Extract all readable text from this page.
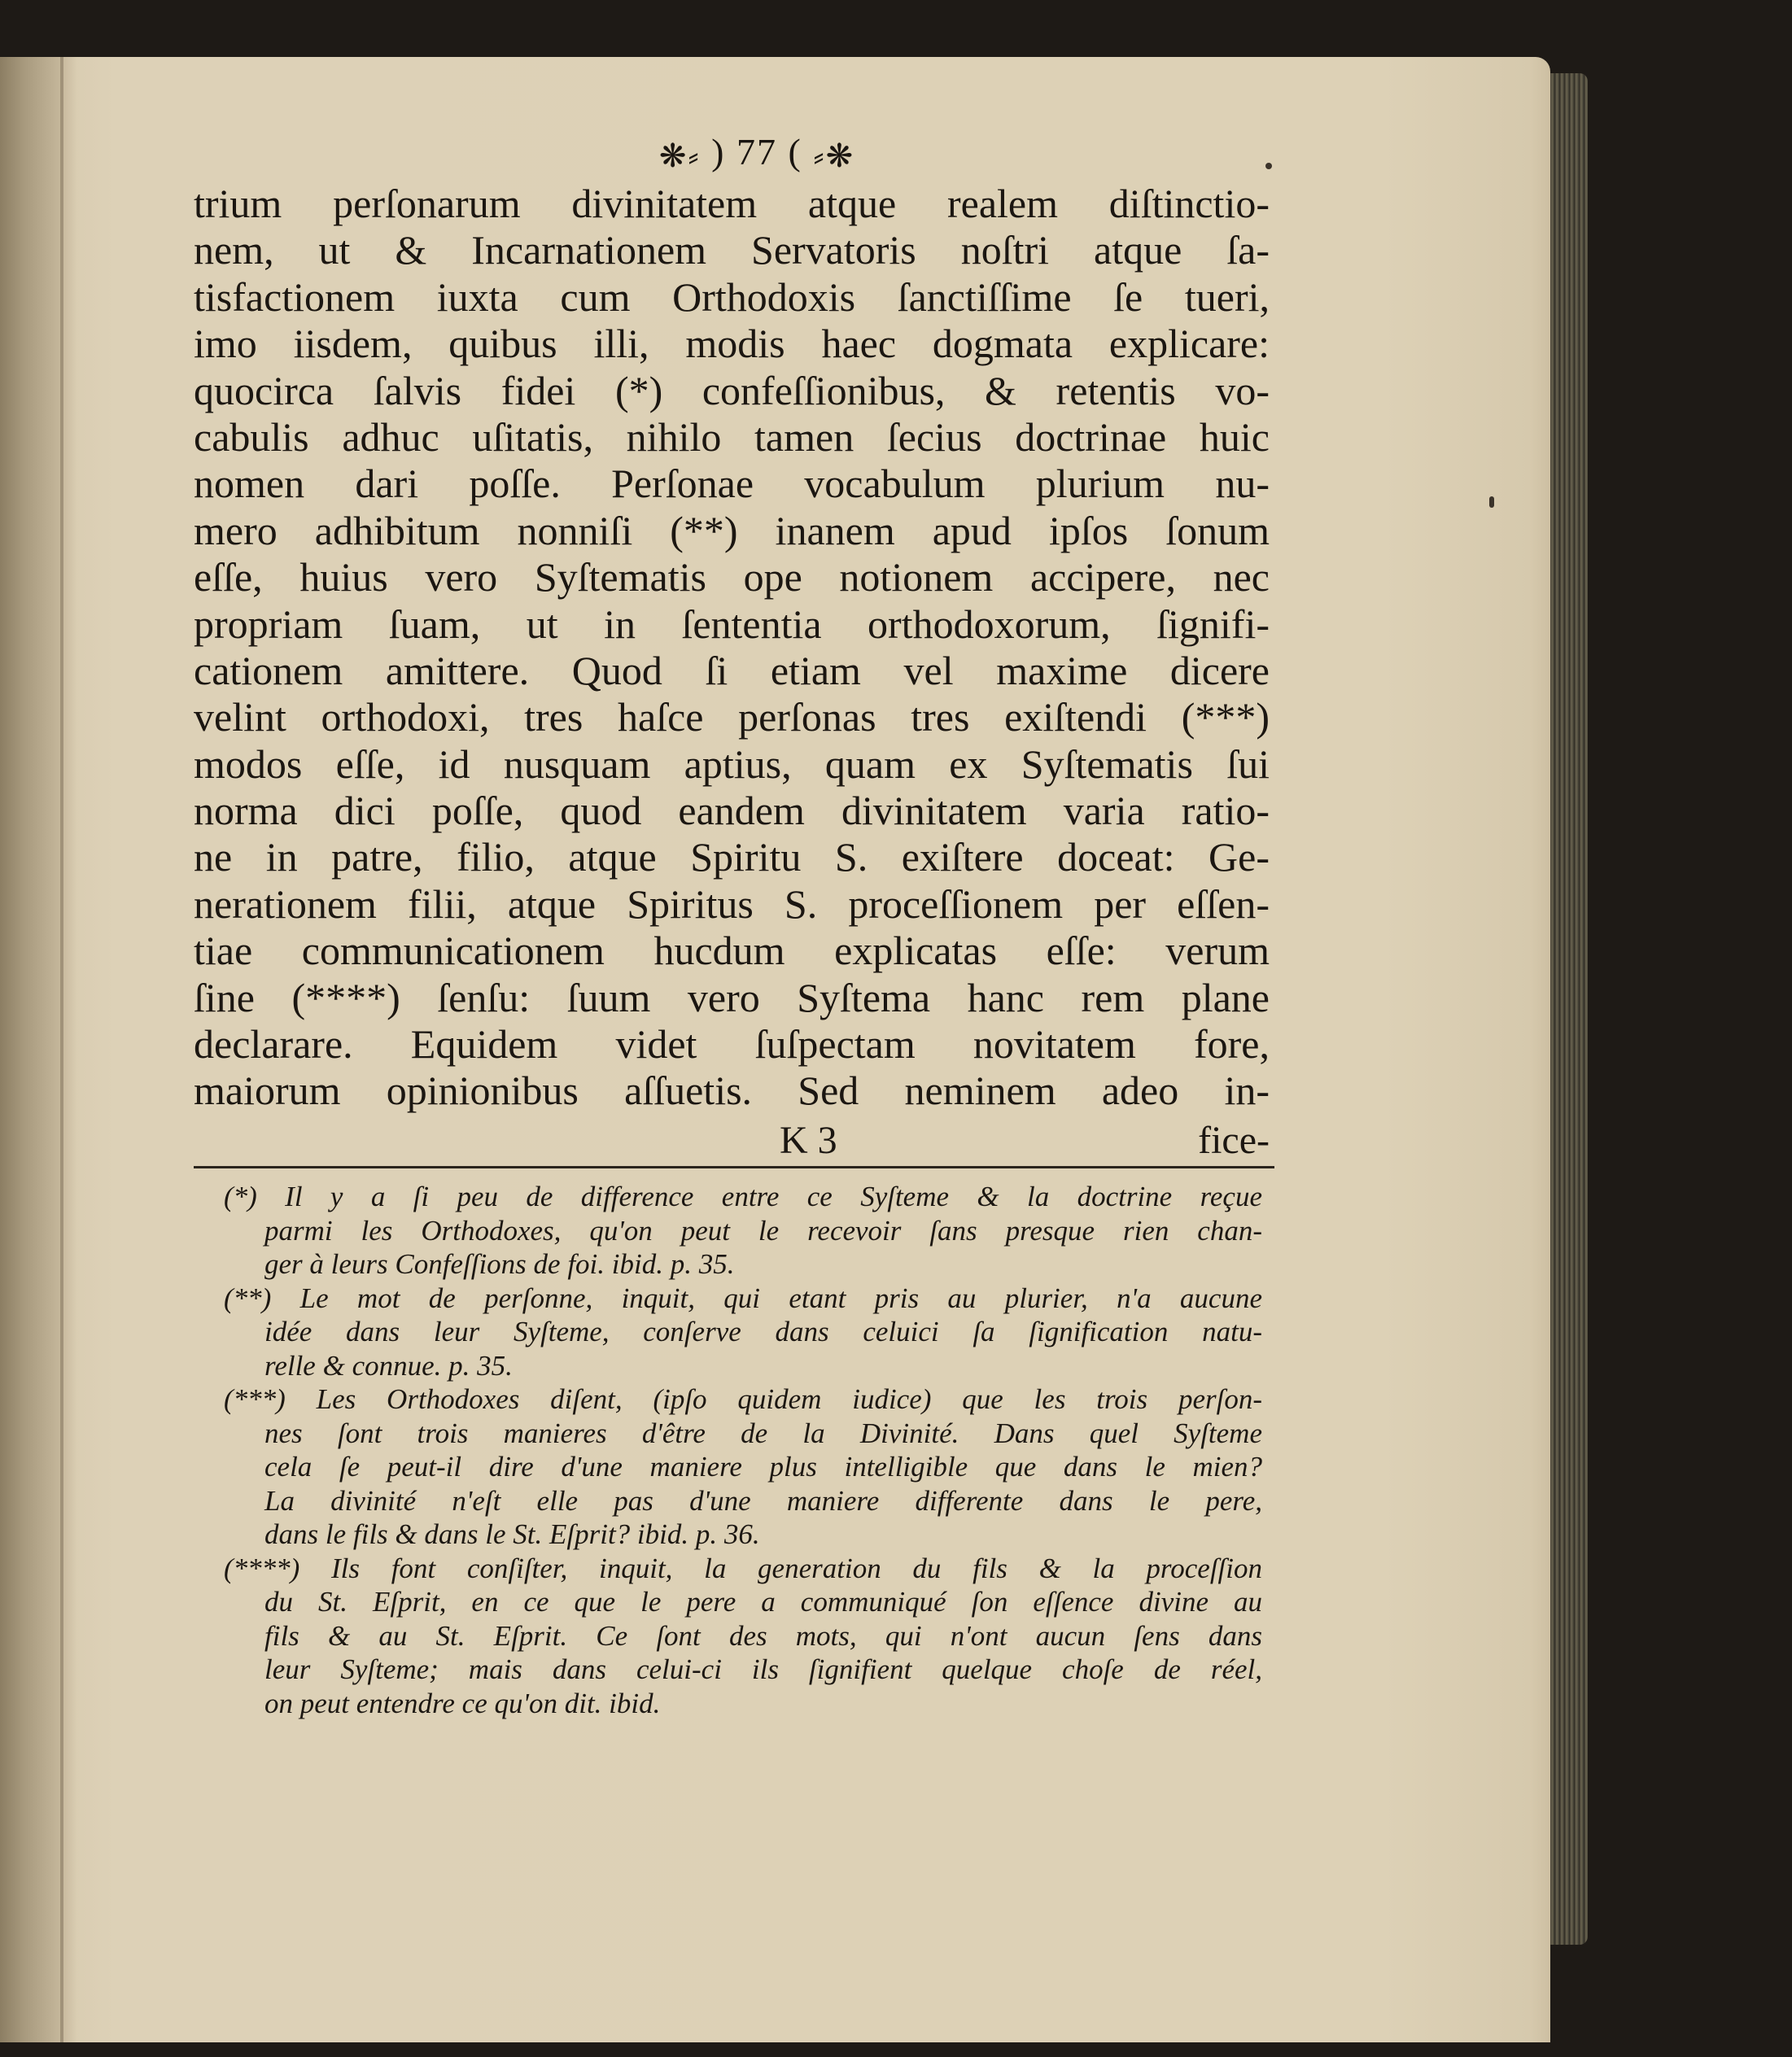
❋⸗ ) 77 ( ⸗❋
trium perſonarum divinitatem atque realem diſtinctio-
nem, ut & Incarnationem Servatoris noſtri atque ſa-
tisfactionem iuxta cum Orthodoxis ſanctiſſime ſe tueri,
imo iisdem, quibus illi, modis haec dogmata explicare:
quocirca ſalvis fidei (*) confeſſionibus, & retentis vo-
cabulis adhuc uſitatis, nihilo tamen ſecius doctrinae huic
nomen dari poſſe. Perſonae vocabulum plurium nu-
mero adhibitum nonniſi (**) inanem apud ipſos ſonum
eſſe, huius vero Syſtematis ope notionem accipere, nec
propriam ſuam, ut in ſententia orthodoxorum, ſignifi-
cationem amittere. Quod ſi etiam vel maxime dicere
velint orthodoxi, tres haſce perſonas tres exiſtendi (***)
modos eſſe, id nusquam aptius, quam ex Syſtematis ſui
norma dici poſſe, quod eandem divinitatem varia ratio-
ne in patre, filio, atque Spiritu S. exiſtere doceat: Ge-
nerationem filii, atque Spiritus S. proceſſionem per eſſen-
tiae communicationem hucdum explicatas eſſe: verum
ſine (****) ſenſu: ſuum vero Syſtema hanc rem plane
declarare. Equidem videt ſuſpectam novitatem fore,
maiorum opinionibus aſſuetis. Sed neminem adeo in-
K 3	fice-
(*) Il y a ſi peu de difference entre ce Syſteme & la doctrine reçue
parmi les Orthodoxes, qu'on peut le recevoir ſans presque rien chan-
ger à leurs Confeſſions de foi. ibid. p. 35.
(**) Le mot de perſonne, inquit, qui etant pris au plurier, n'a aucune
idée dans leur Syſteme, conſerve dans celuici ſa ſignification natu-
relle & connue. p. 35.
(***) Les Orthodoxes diſent, (ipſo quidem iudice) que les trois perſon-
nes ſont trois manieres d'être de la Divinité. Dans quel Syſteme
cela ſe peut-il dire d'une maniere plus intelligible que dans le mien?
La divinité n'eſt elle pas d'une maniere differente dans le pere,
dans le fils & dans le St. Eſprit? ibid. p. 36.
(****) Ils font conſiſter, inquit, la generation du fils & la proceſſion
du St. Eſprit, en ce que le pere a communiqué ſon eſſence divine au
fils & au St. Eſprit. Ce ſont des mots, qui n'ont aucun ſens dans
leur Syſteme; mais dans celui-ci ils ſignifient quelque choſe de réel,
on peut entendre ce qu'on dit. ibid.
